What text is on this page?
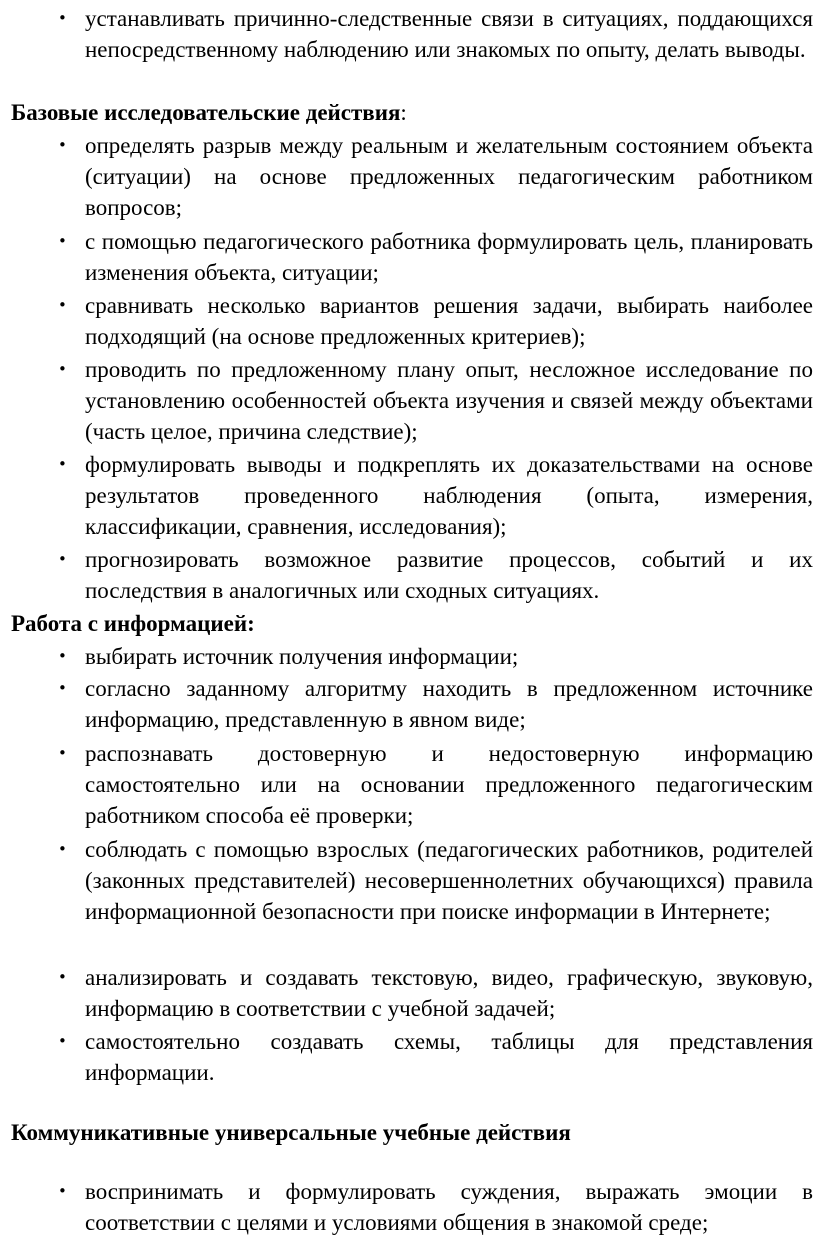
• устанавливать причинно-следственные связи в ситуациях, поддающихся непосредственному наблюдению или знакомых по опыту, делать выводы.
Базовые исследовательские действия:
• определять разрыв между реальным и желательным состоянием объекта (ситуации) на основе предложенных педагогическим работником вопросов;
• с помощью педагогического работника формулировать цель, планировать изменения объекта, ситуации;
• сравнивать несколько вариантов решения задачи, выбирать наиболее подходящий (на основе предложенных критериев);
• проводить по предложенному плану опыт, несложное исследование по установлению особенностей объекта изучения и связей между объектами (часть целое, причина следствие);
• формулировать выводы и подкреплять их доказательствами на основе результатов проведенного наблюдения (опыта, измерения, классификации, сравнения, исследования);
• прогнозировать возможное развитие процессов, событий и их последствия в аналогичных или сходных ситуациях.
Работа с информацией:
• выбирать источник получения информации;
• согласно заданному алгоритму находить в предложенном источнике информацию, представленную в явном виде;
• распознавать достоверную и недостоверную информацию самостоятельно или на основании предложенного педагогическим работником способа её проверки;
• соблюдать с помощью взрослых (педагогических работников, родителей (законных представителей) несовершеннолетних обучающихся) правила информационной безопасности при поиске информации в Интернете;
• анализировать и создавать текстовую, видео, графическую, звуковую, информацию в соответствии с учебной задачей;
• самостоятельно создавать схемы, таблицы для представления информации.
Коммуникативные универсальные учебные действия
• воспринимать и формулировать суждения, выражать эмоции в соответствии с целями и условиями общения в знакомой среде;
